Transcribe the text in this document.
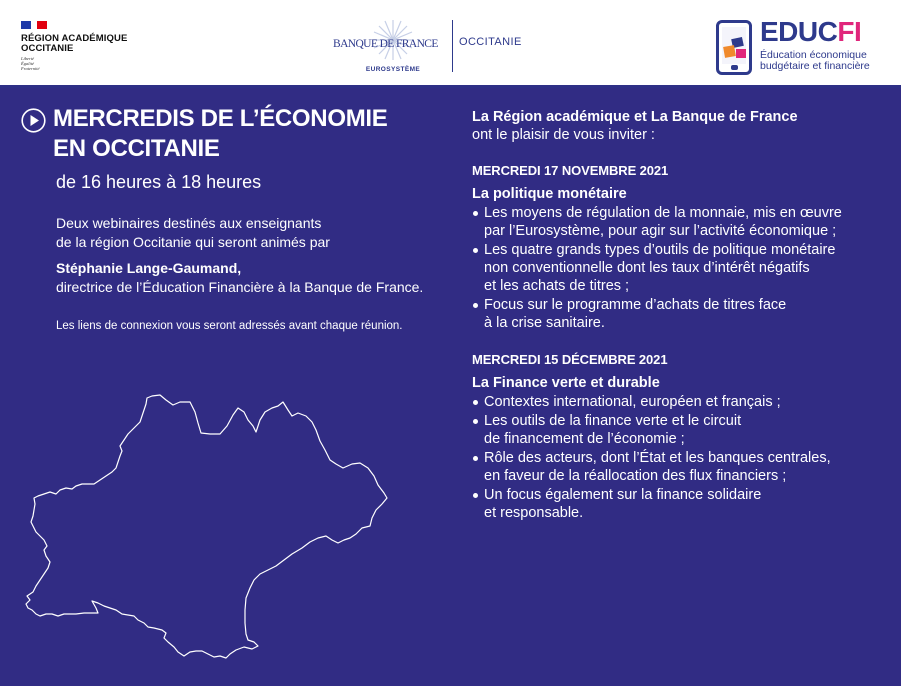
RÉGION ACADÉMIQUE
OCCITANIE
Liberté
Égalité
Fraternité
BANQUE DE FRANCE
EUROSYSTÈME
OCCITANIE	EDUCFI
Éducation économique
budgétaire et financière
MERCREDIS DE L’ÉCONOMIE
EN OCCITANIE
de 16 heures à 18 heures
Deux webinaires destinés aux enseignants
de la région Occitanie qui seront animés par
Stéphanie Lange-Gaumand,
directrice de l’Éducation Financière à la Banque de France.
Les liens de connexion vous seront adressés avant chaque réunion.
La Région académique et La Banque de France
ont le plaisir de vous inviter :
MERCREDI 17 NOVEMBRE 2021
La politique monétaire
Les moyens de régulation de la monnaie, mis en œuvre
par l’Eurosystème, pour agir sur l’activité économique ;
Les quatre grands types d’outils de politique monétaire
non conventionnelle dont les taux d’intérêt négatifs
et les achats de titres ;
Focus sur le programme d’achats de titres face
à la crise sanitaire.
MERCREDI 15 DÉCEMBRE 2021
La Finance verte et durable
Contextes international, européen et français ;
Les outils de la finance verte et le circuit
de financement de l’économie ;
Rôle des acteurs, dont l’État et les banques centrales,
en faveur de la réallocation des flux financiers ;
Un focus également sur la finance solidaire
et responsable.
